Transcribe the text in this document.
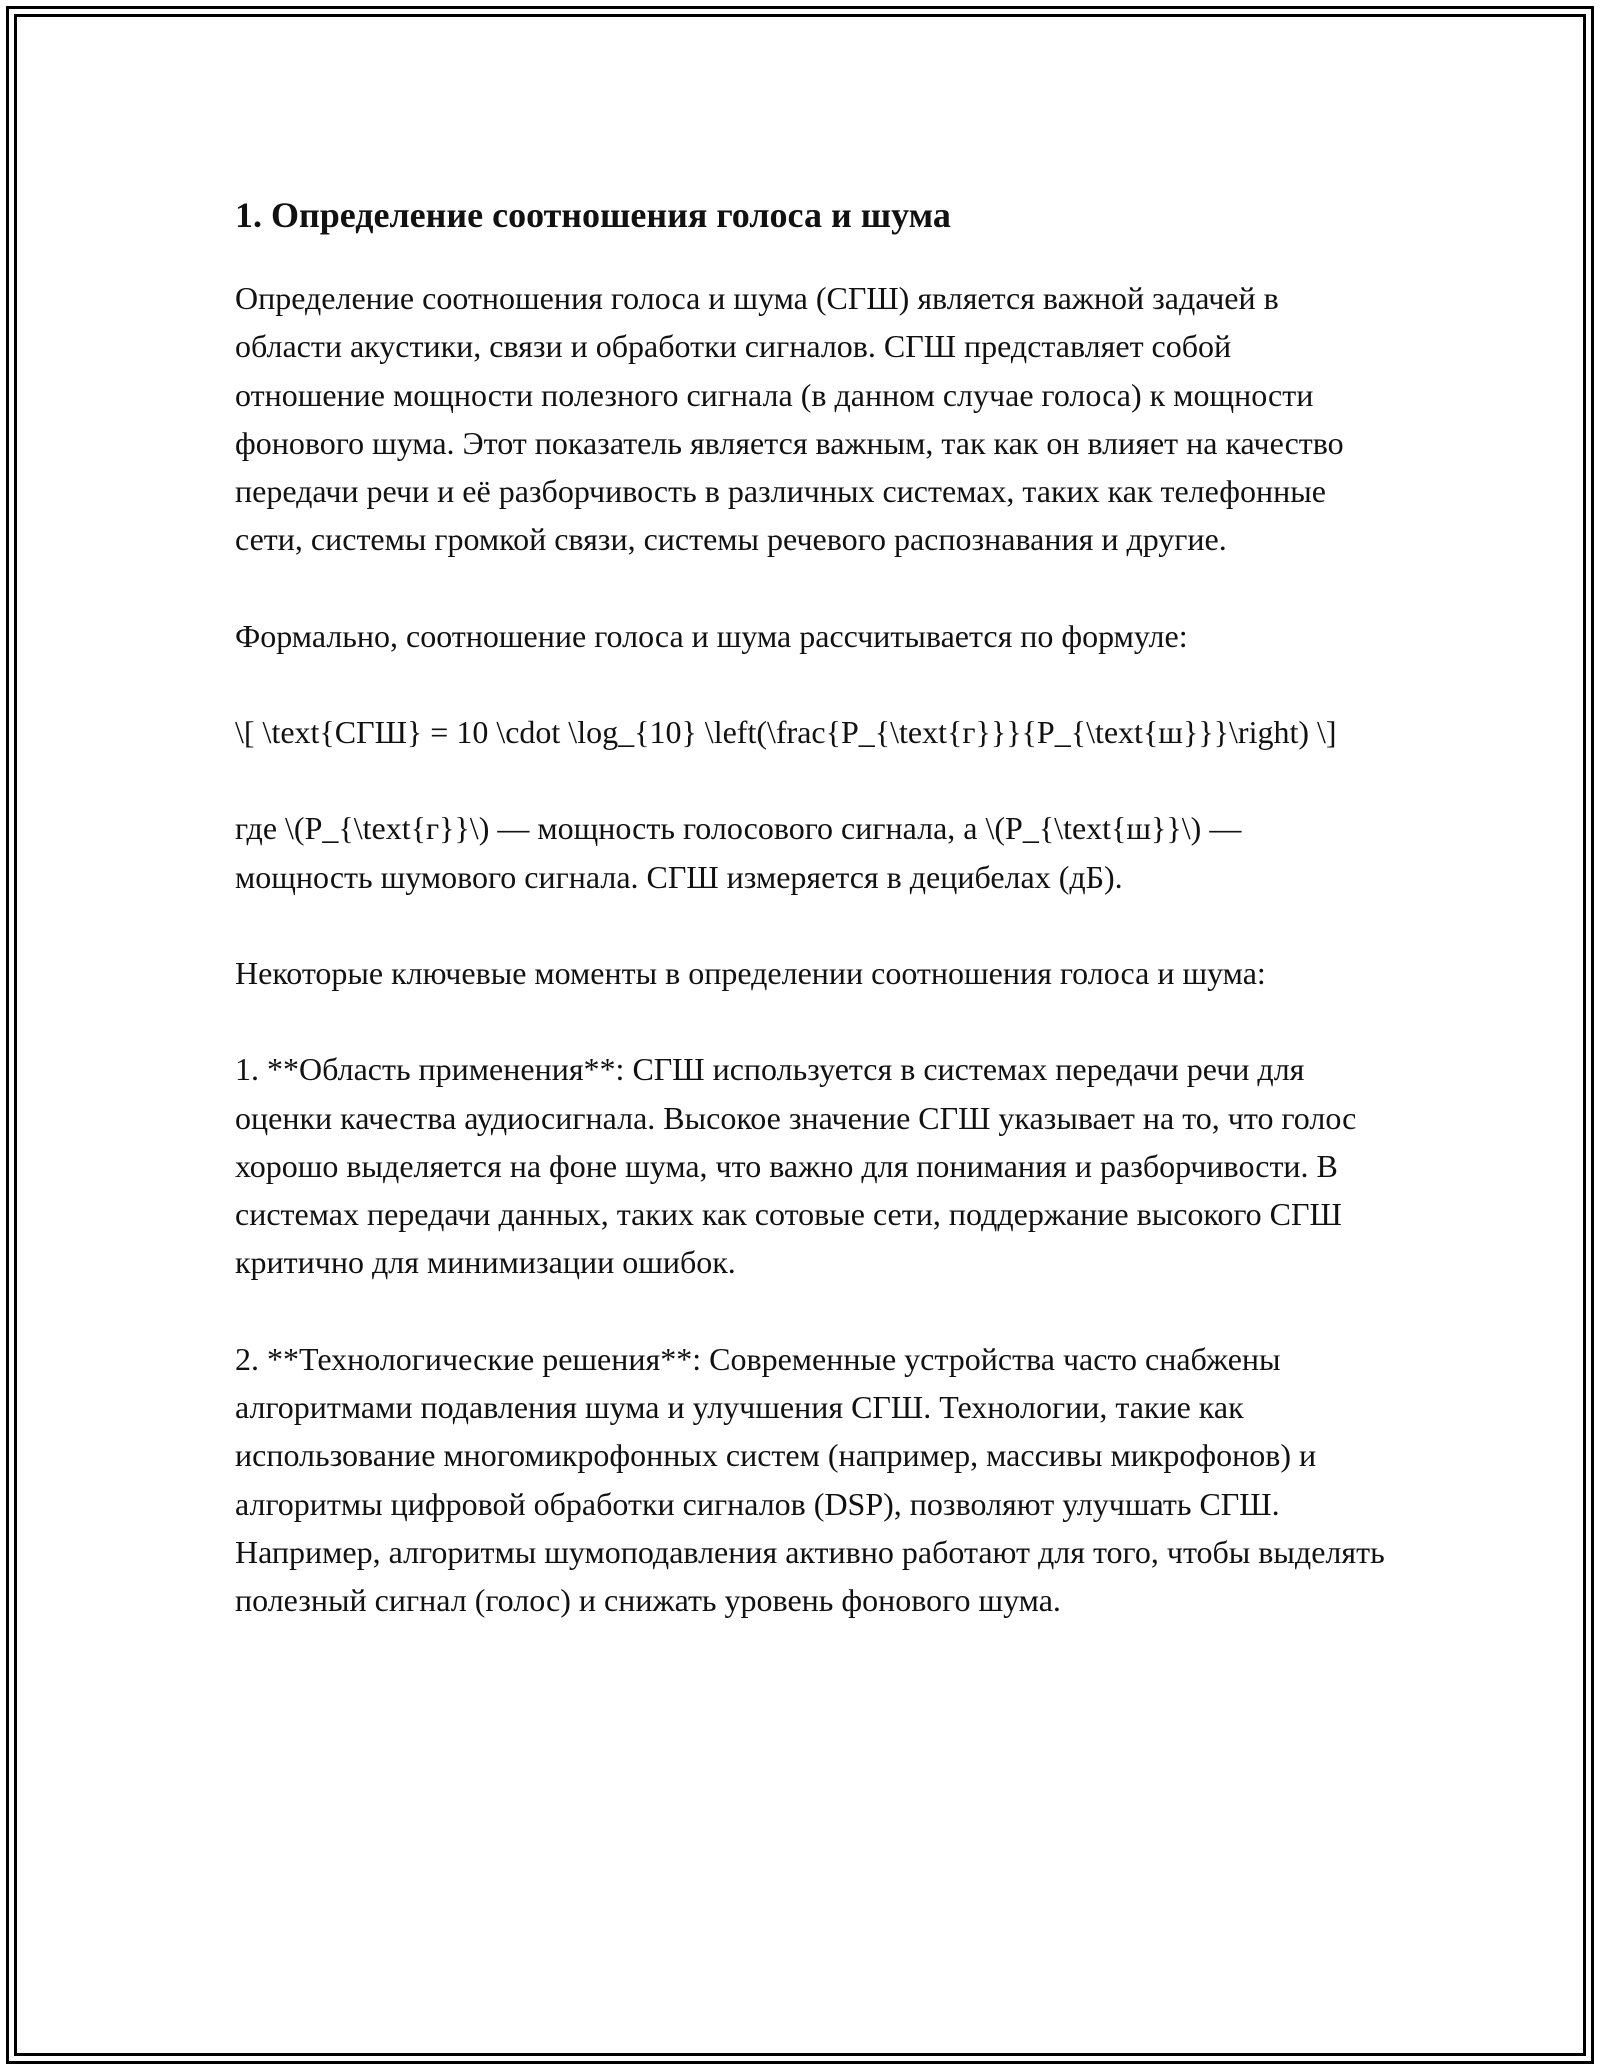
1. Определение соотношения голоса и шума

Определение соотношения голоса и шума (СГШ) является важной задачей в области акустики, связи и обработки сигналов. СГШ представляет собой отношение мощности полезного сигнала (в данном случае голоса) к мощности фонового шума. Этот показатель является важным, так как он влияет на качество передачи речи и её разборчивость в различных системах, таких как телефонные сети, системы громкой связи, системы речевого распознавания и другие.

Формально, соотношение голоса и шума рассчитывается по формуле:

\[ \text{СГШ} = 10 \cdot \log_{10} \left(\frac{P_{\text{г}}}{P_{\text{ш}}}\right) \]

где \(P_{\text{г}}\) — мощность голосового сигнала, а \(P_{\text{ш}}\) — мощность шумового сигнала. СГШ измеряется в децибелах (дБ).

Некоторые ключевые моменты в определении соотношения голоса и шума:

1. **Область применения**: СГШ используется в системах передачи речи для оценки качества аудиосигнала. Высокое значение СГШ указывает на то, что голос хорошо выделяется на фоне шума, что важно для понимания и разборчивости. В системах передачи данных, таких как сотовые сети, поддержание высокого СГШ критично для минимизации ошибок.

2. **Технологические решения**: Современные устройства часто снабжены алгоритмами подавления шума и улучшения СГШ. Технологии, такие как использование многомикрофонных систем (например, массивы микрофонов) и алгоритмы цифровой обработки сигналов (DSP), позволяют улучшать СГШ. Например, алгоритмы шумоподавления активно работают для того, чтобы выделять полезный сигнал (голос) и снижать уровень фонового шума.
